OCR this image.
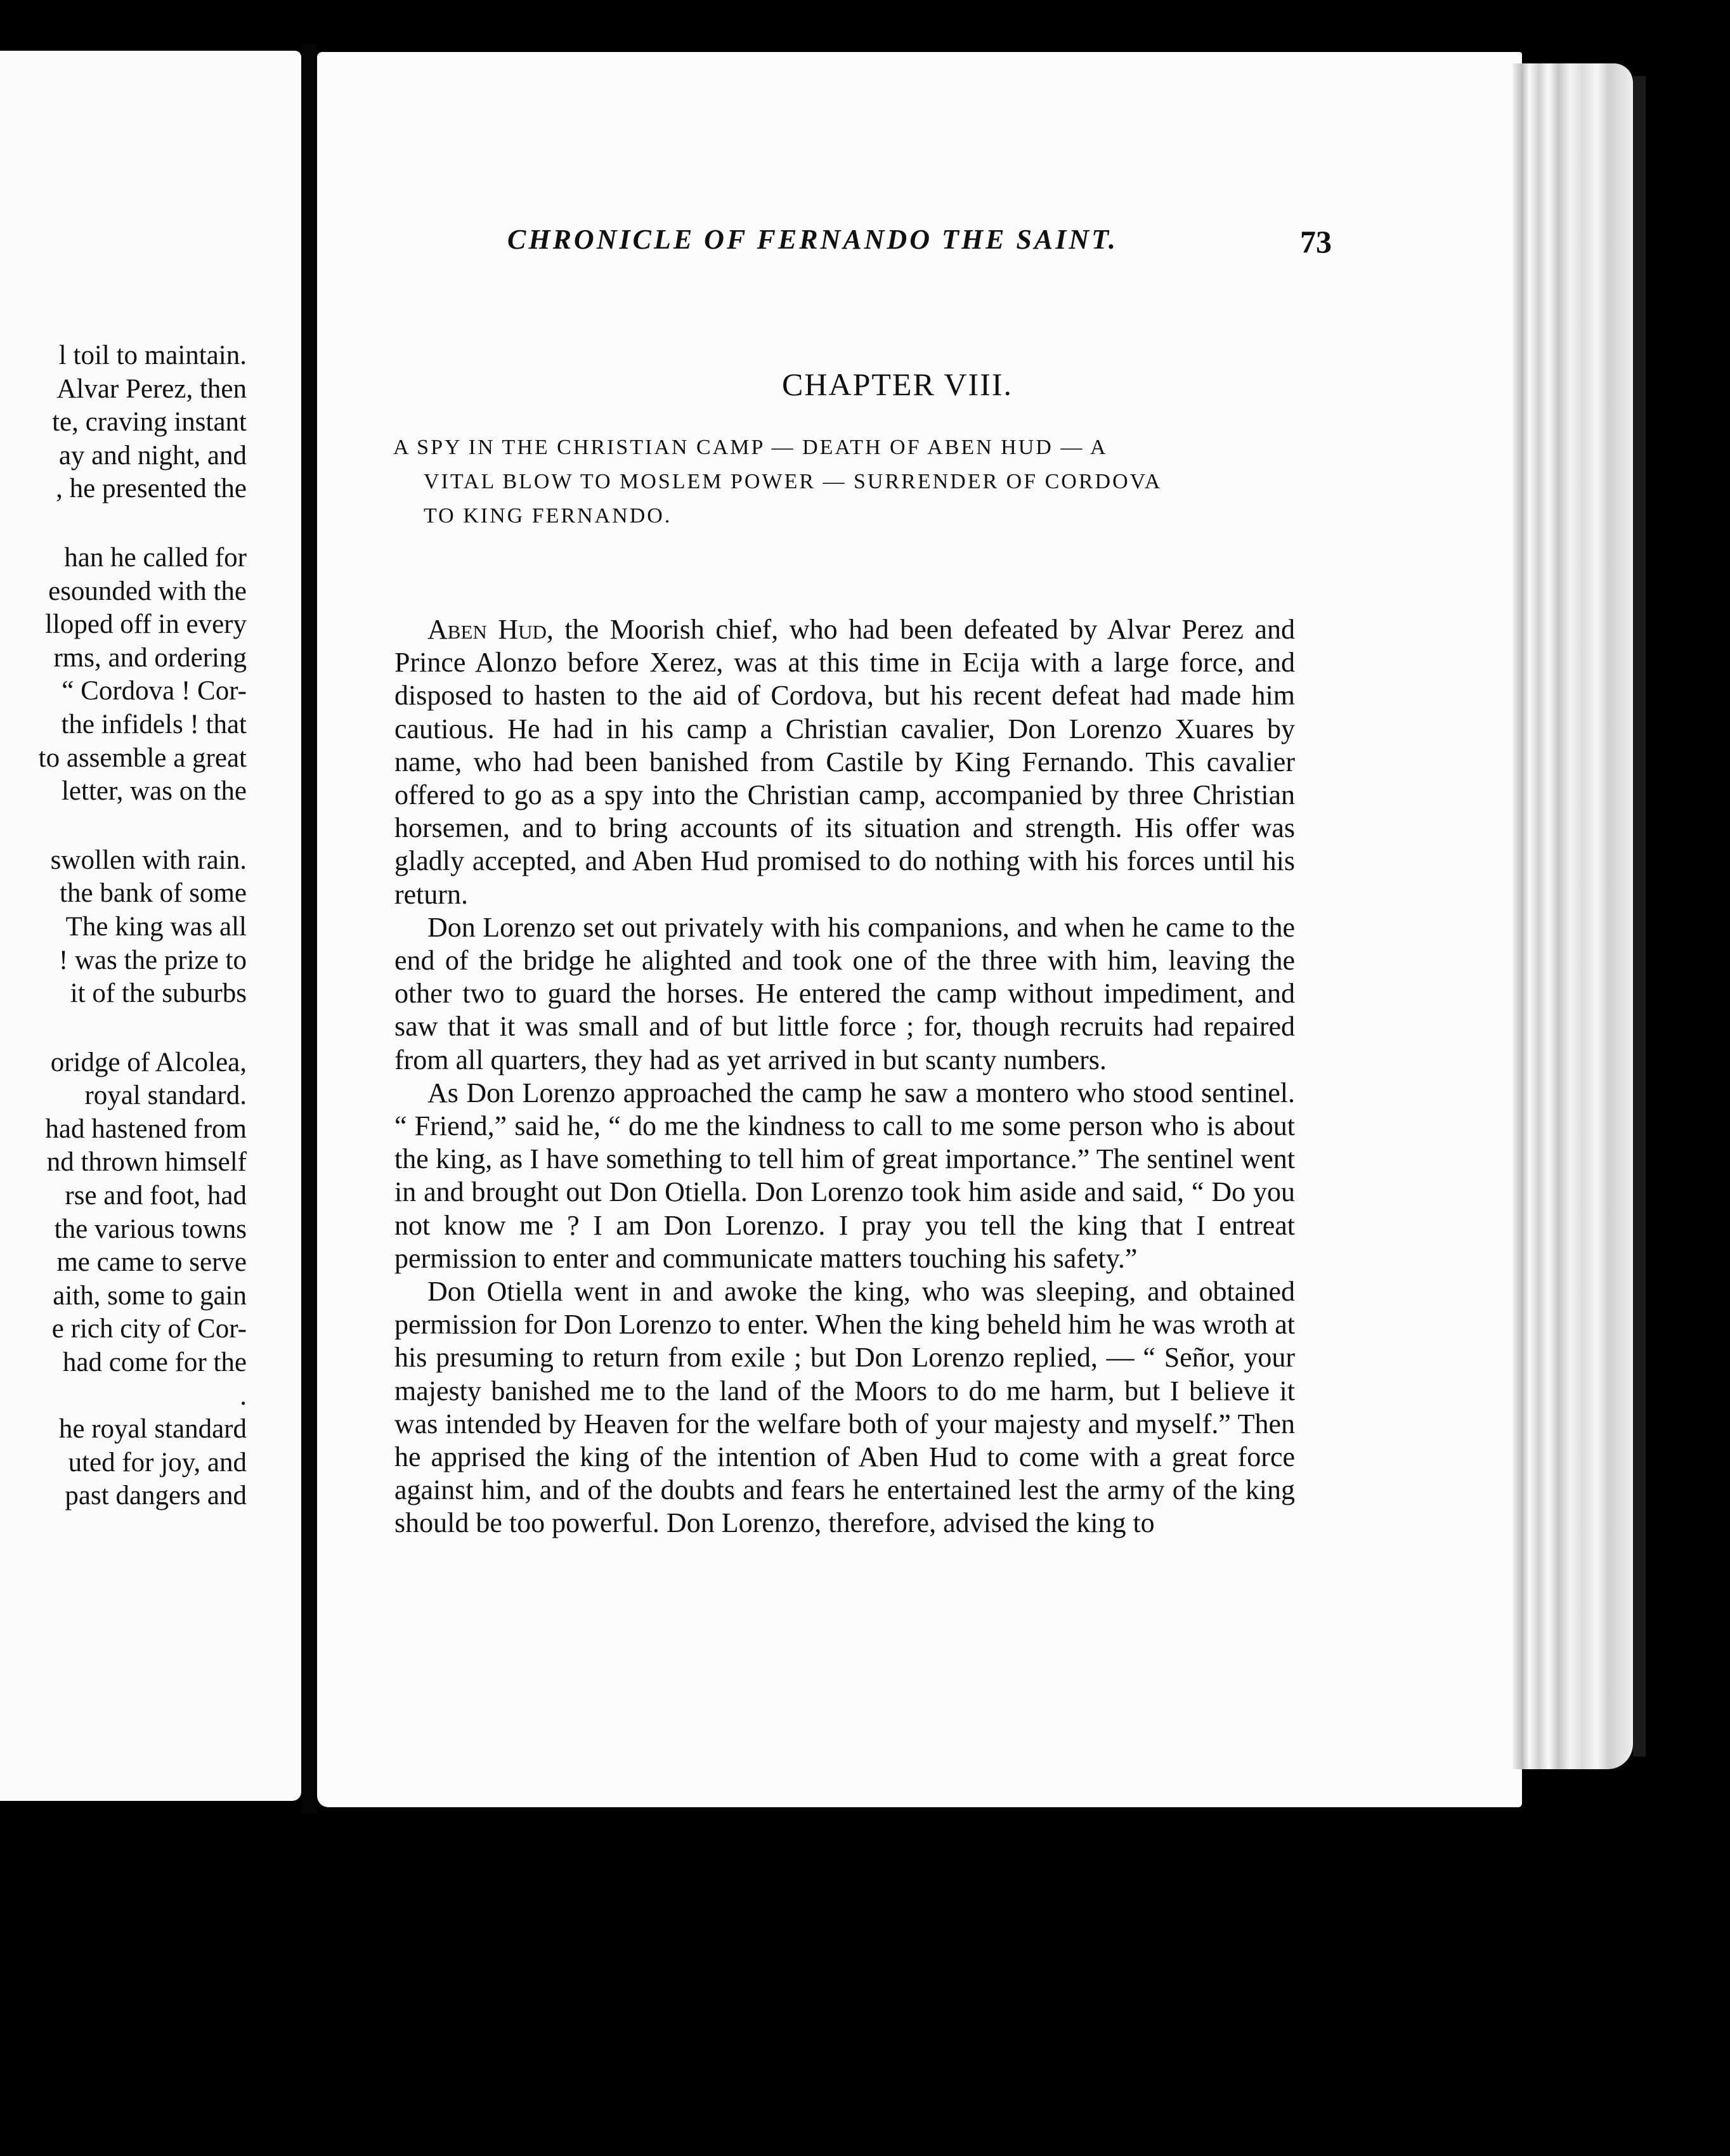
l toil to maintain.
Alvar Perez, then
te, craving instant
ay and night, and
, he presented the
han he called for
esounded with the
lloped off in every
rms, and ordering
“ Cordova ! Cor-
the infidels ! that
to assemble a great
letter, was on the
swollen with rain.
the bank of some
The king was all
! was the prize to
it of the suburbs
oridge of Alcolea,
royal standard.
had hastened from
nd thrown himself
rse and foot, had
the various towns
me came to serve
aith, some to gain
e rich city of Cor-
had come for the
.
he royal standard
uted for joy, and
past dangers and
CHRONICLE OF FERNANDO THE SAINT.	73
CHAPTER VIII.
A SPY IN THE CHRISTIAN CAMP — DEATH OF ABEN HUD — A
VITAL BLOW TO MOSLEM POWER — SURRENDER OF CORDOVA
TO KING FERNANDO.

Aben Hud, the Moorish chief, who had been defeated by Alvar Perez and Prince Alonzo before Xerez, was at this time in Ecija with a large force, and disposed to hasten to the aid of Cordova, but his recent defeat had made him cautious. He had in his camp a Christian cavalier, Don Lorenzo Xuares by name, who had been banished from Castile by King Fernando. This cavalier offered to go as a spy into the Christian camp, accompanied by three Christian horsemen, and to bring accounts of its situation and strength. His offer was gladly accepted, and Aben Hud promised to do nothing with his forces until his return.

Don Lorenzo set out privately with his companions, and when he came to the end of the bridge he alighted and took one of the three with him, leaving the other two to guard the horses. He entered the camp without impediment, and saw that it was small and of but little force ; for, though recruits had repaired from all quarters, they had as yet arrived in but scanty numbers.

As Don Lorenzo approached the camp he saw a montero who stood sentinel. “ Friend,” said he, “ do me the kindness to call to me some person who is about the king, as I have something to tell him of great importance.” The sentinel went in and brought out Don Otiella. Don Lorenzo took him aside and said, “ Do you not know me ? I am Don Lorenzo. I pray you tell the king that I entreat permission to enter and communicate matters touching his safety.”

Don Otiella went in and awoke the king, who was sleeping, and obtained permission for Don Lorenzo to enter. When the king beheld him he was wroth at his presuming to return from exile ; but Don Lorenzo replied, — “ Señor, your majesty banished me to the land of the Moors to do me harm, but I believe it was intended by Heaven for the welfare both of your majesty and myself.” Then he apprised the king of the intention of Aben Hud to come with a great force against him, and of the doubts and fears he entertained lest the army of the king should be too powerful. Don Lorenzo, therefore, advised the king to
